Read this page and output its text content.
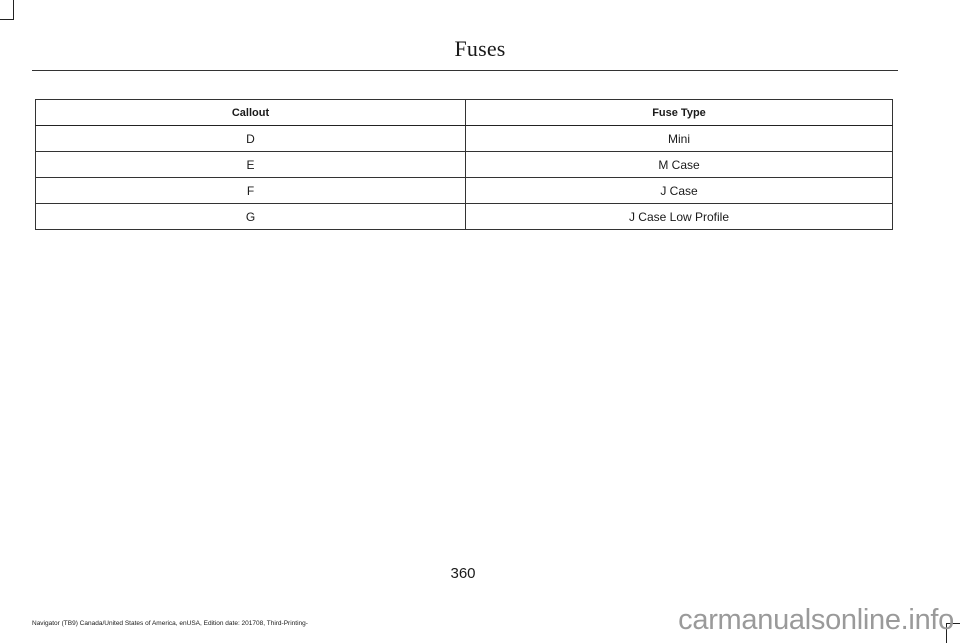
Fuses
Callout	Fuse Type
D	Mini
E	M Case
F	J Case
G	J Case Low Profile
360
Navigator (TB9) Canada/United States of America, enUSA, Edition date: 201708, Third-Printing-	carmanualsonline.info
